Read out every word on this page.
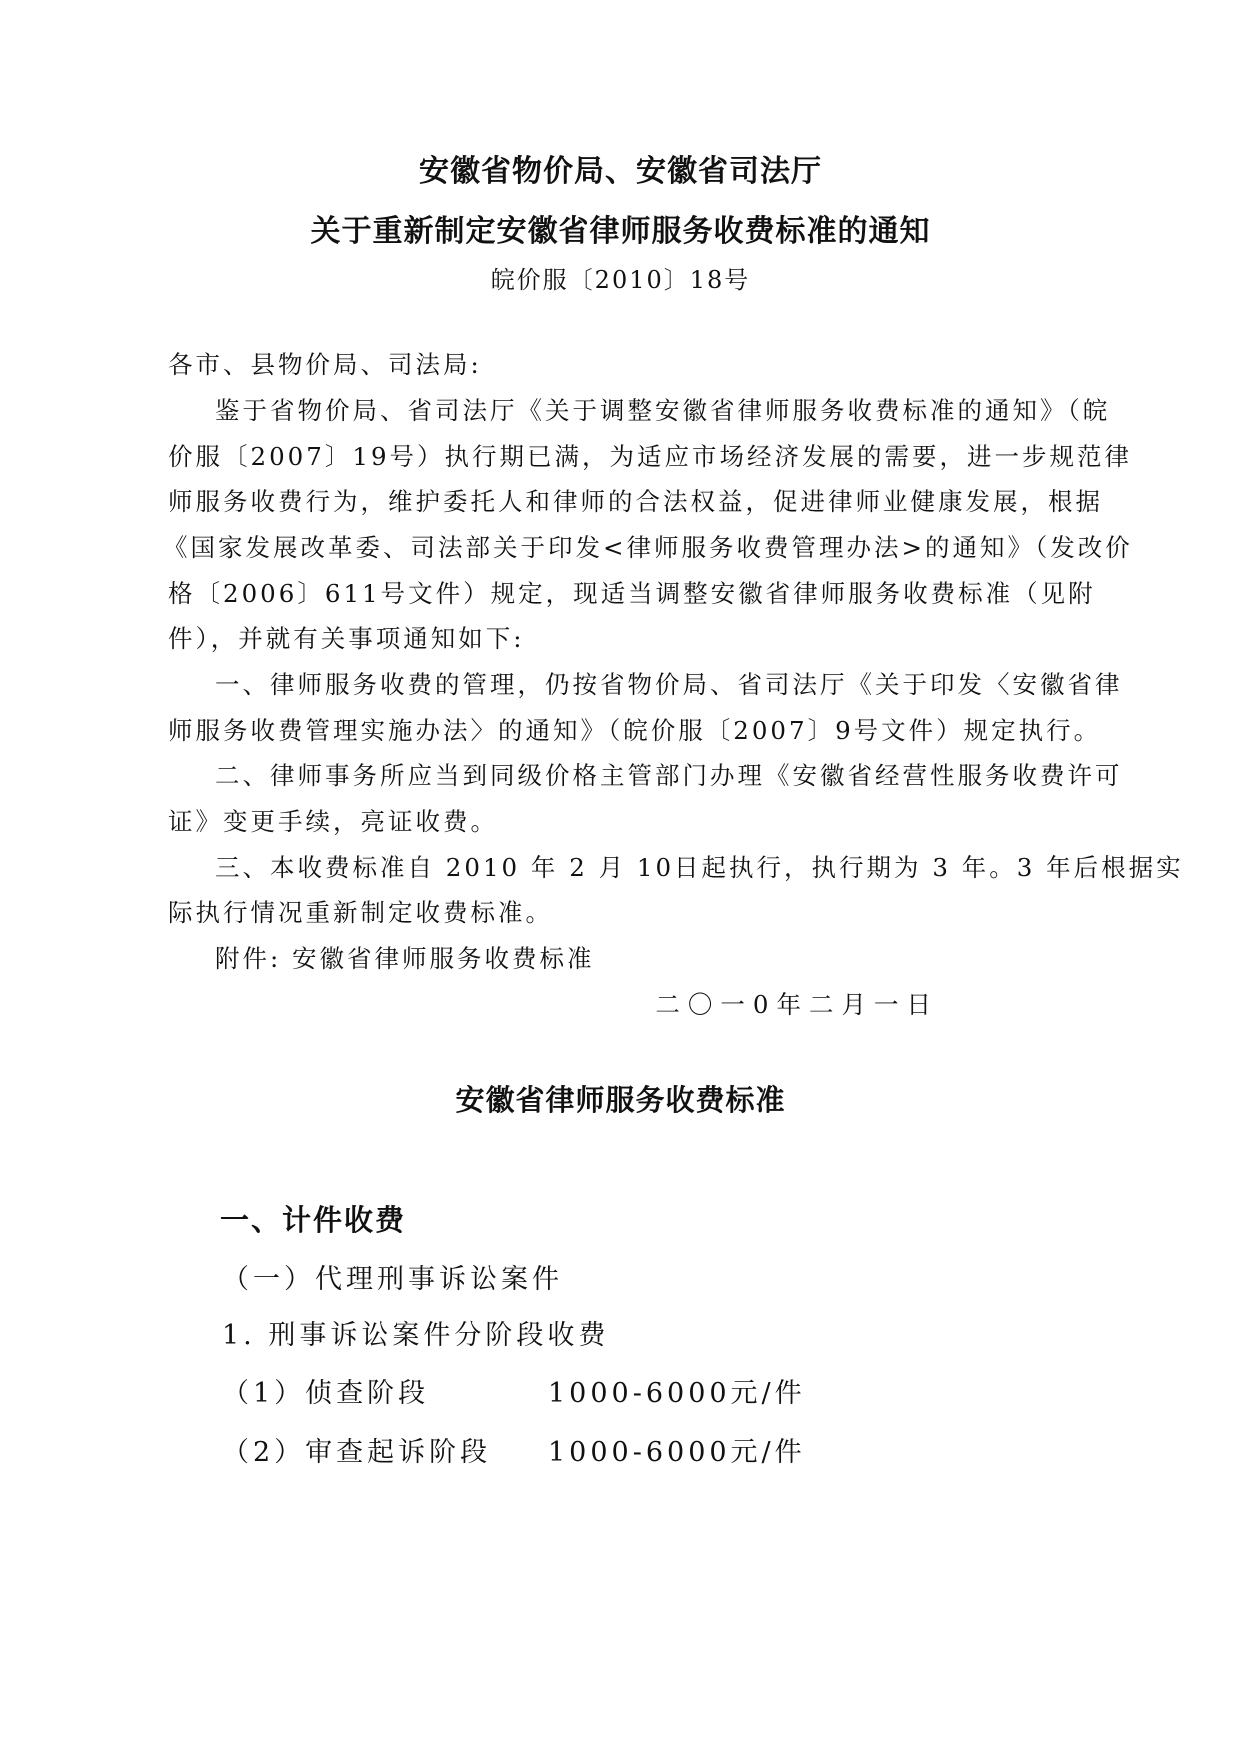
安徽省物价局、安徽省司法厅
关于重新制定安徽省律师服务收费标准的通知
皖价服〔2010〕18号
各市、县物价局、司法局:
鉴于省物价局、省司法厅《关于调整安徽省律师服务收费标准的通知》（皖
价服〔2007〕19号）执行期已满，为适应市场经济发展的需要，进一步规范律
师服务收费行为，维护委托人和律师的合法权益，促进律师业健康发展，根据
《国家发展改革委、司法部关于印发<律师服务收费管理办法>的通知》（发改价
格〔2006〕611号文件）规定，现适当调整安徽省律师服务收费标准（见附
件），并就有关事项通知如下:
一、律师服务收费的管理，仍按省物价局、省司法厅《关于印发〈安徽省律
师服务收费管理实施办法〉的通知》（皖价服〔2007〕9号文件）规定执行。
二、律师事务所应当到同级价格主管部门办理《安徽省经营性服务收费许可
证》变更手续，亮证收费。
三、本收费标准自 2010 年 2 月 10日起执行，执行期为 3 年。3 年后根据实
际执行情况重新制定收费标准。
附件: 安徽省律师服务收费标准
二〇一0年二月一日
安徽省律师服务收费标准
一、计件收费
（一）代理刑事诉讼案件
1. 刑事诉讼案件分阶段收费
（1）侦查阶段	1000-6000元/件
（2）审查起诉阶段 1000-6000元/件
